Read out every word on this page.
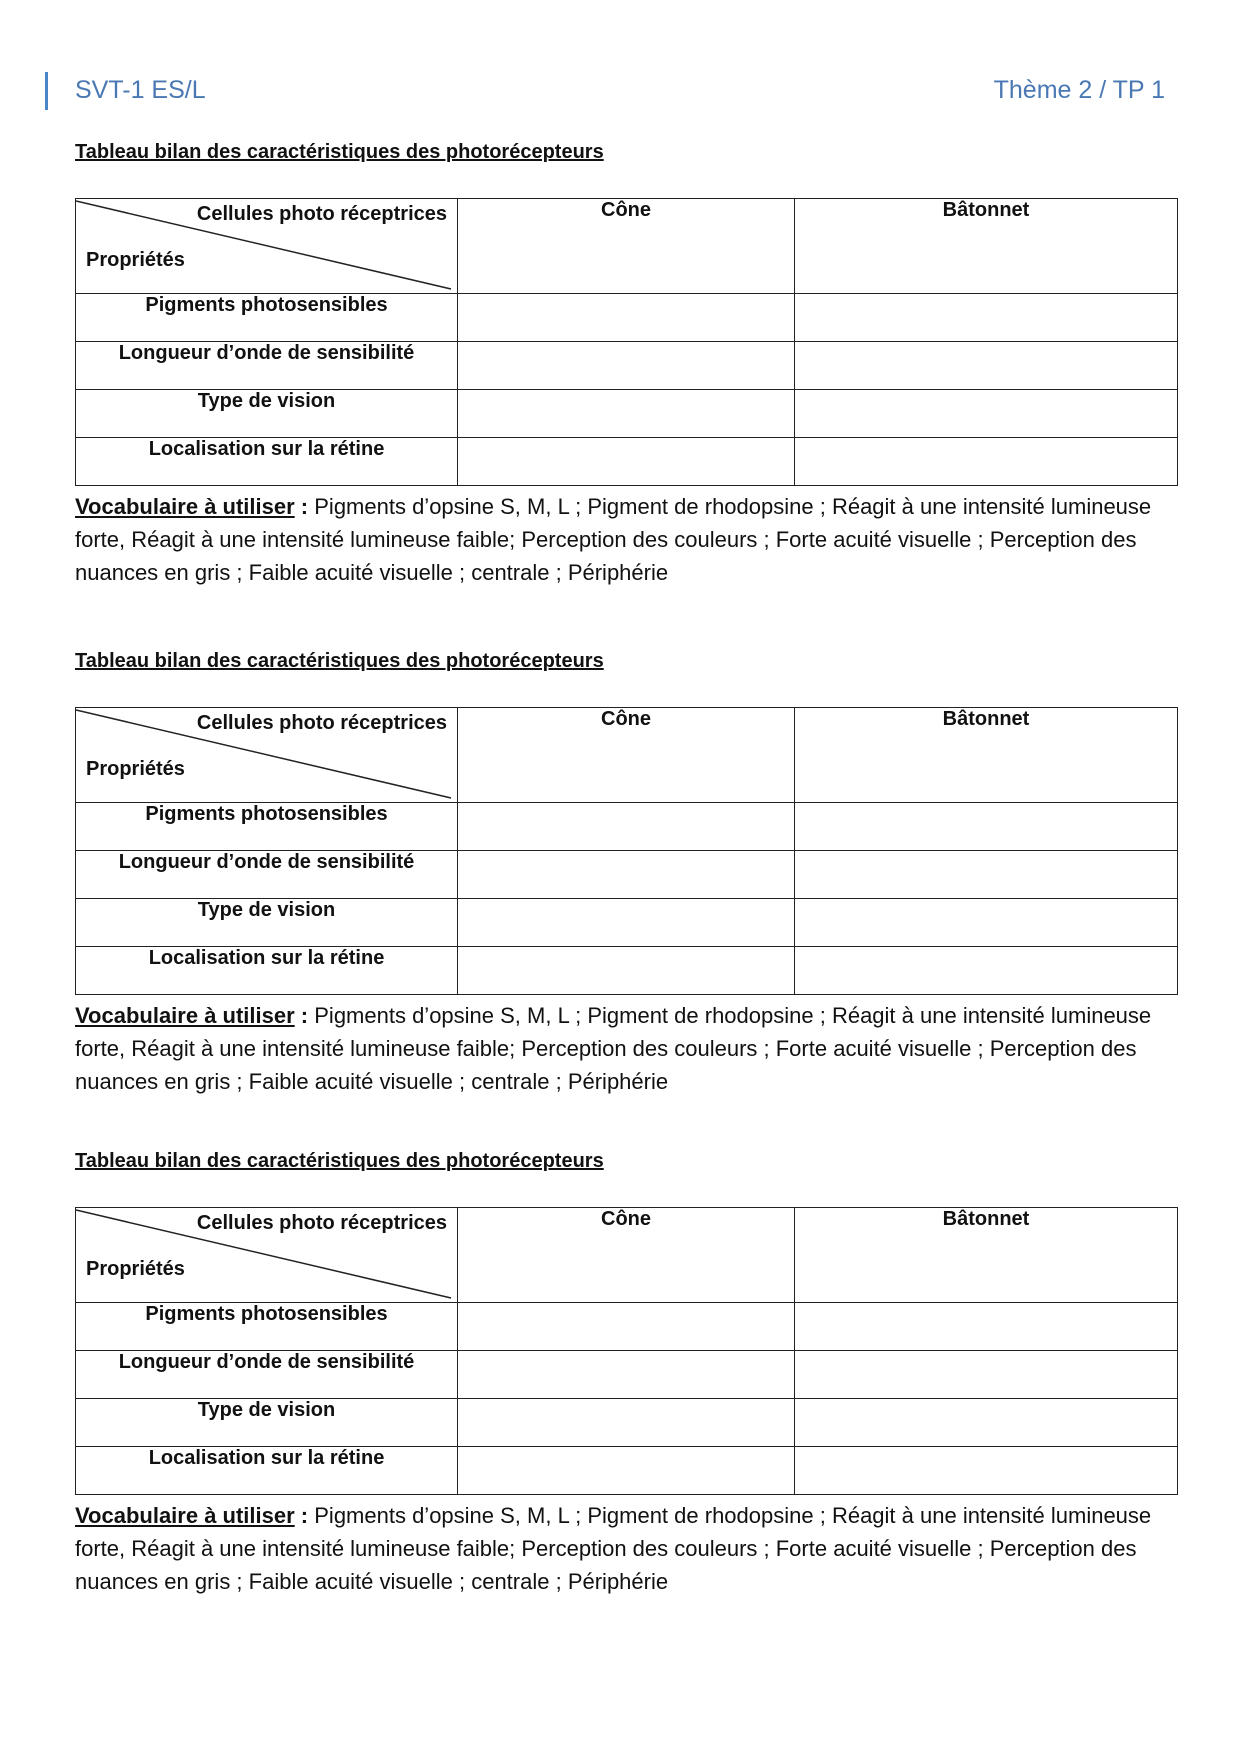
SVT-1 ES/L	Thème 2 / TP 1

Tableau bilan des caractéristiques des photorécepteurs

Cellules photo réceptrices
Propriétés	Cône	Bâtonnet
Pigments photosensibles		
Longueur d’onde de sensibilité		
Type de vision		
Localisation sur la rétine		

Vocabulaire à utiliser : Pigments d’opsine S, M, L ; Pigment de rhodopsine ; Réagit à une intensité lumineuse forte, Réagit à une intensité lumineuse faible; Perception des couleurs ; Forte acuité visuelle ; Perception des nuances en gris ; Faible acuité visuelle ; centrale ; Périphérie

Tableau bilan des caractéristiques des photorécepteurs

Cellules photo réceptrices
Propriétés	Cône	Bâtonnet
Pigments photosensibles		
Longueur d’onde de sensibilité		
Type de vision		
Localisation sur la rétine		

Vocabulaire à utiliser : Pigments d’opsine S, M, L ; Pigment de rhodopsine ; Réagit à une intensité lumineuse forte, Réagit à une intensité lumineuse faible; Perception des couleurs ; Forte acuité visuelle ; Perception des nuances en gris ; Faible acuité visuelle ; centrale ; Périphérie

Tableau bilan des caractéristiques des photorécepteurs

Cellules photo réceptrices
Propriétés	Cône	Bâtonnet
Pigments photosensibles		
Longueur d’onde de sensibilité		
Type de vision		
Localisation sur la rétine		

Vocabulaire à utiliser : Pigments d’opsine S, M, L ; Pigment de rhodopsine ; Réagit à une intensité lumineuse forte, Réagit à une intensité lumineuse faible; Perception des couleurs ; Forte acuité visuelle ; Perception des nuances en gris ; Faible acuité visuelle ; centrale ; Périphérie
